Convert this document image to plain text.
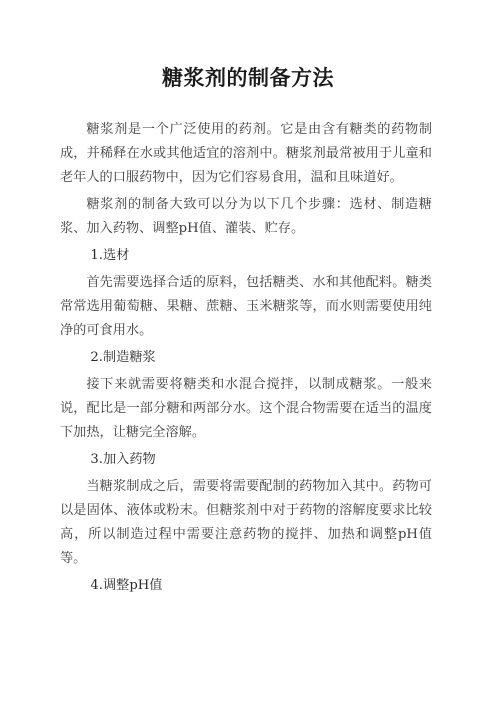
糖浆剂的制备方法

糖浆剂是一个广泛使用的药剂。它是由含有糖类的药物制成，并稀释在水或其他适宜的溶剂中。糖浆剂最常被用于儿童和老年人的口服药物中，因为它们容易食用，温和且味道好。

糖浆剂的制备大致可以分为以下几个步骤：选材、制造糖浆、加入药物、调整pH值、灌装、贮存。

1.选材

首先需要选择合适的原料，包括糖类、水和其他配料。糖类常常选用葡萄糖、果糖、蔗糖、玉米糖浆等，而水则需要使用纯净的可食用水。

2.制造糖浆

接下来就需要将糖类和水混合搅拌，以制成糖浆。一般来说，配比是一部分糖和两部分水。这个混合物需要在适当的温度下加热，让糖完全溶解。

3.加入药物

当糖浆制成之后，需要将需要配制的药物加入其中。药物可以是固体、液体或粉末。但糖浆剂中对于药物的溶解度要求比较高，所以制造过程中需要注意药物的搅拌、加热和调整pH值等。

4.调整pH值
